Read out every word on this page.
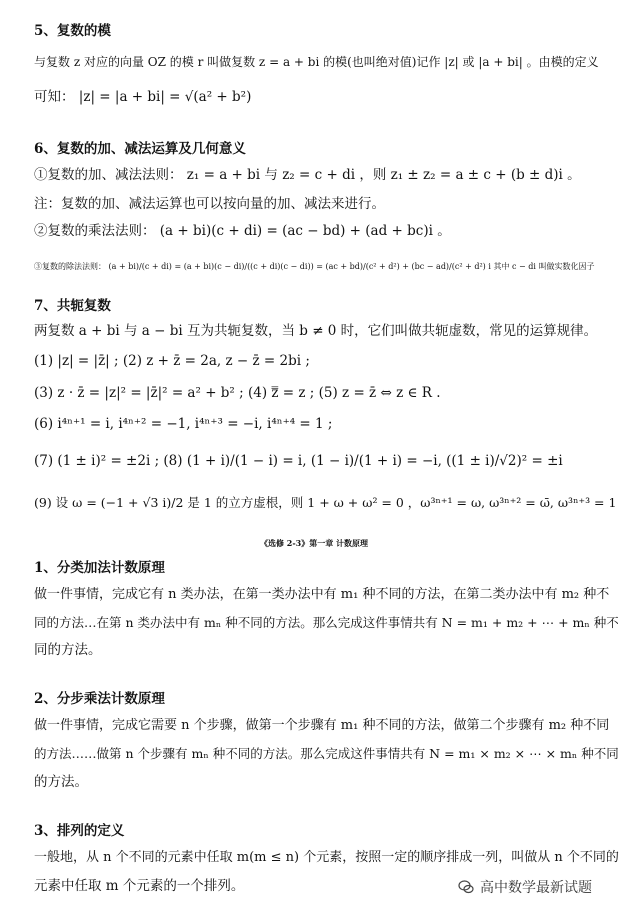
5、复数的模
与复数 z 对应的向量 OZ 的模 r 叫做复数 z = a + bi 的模(也叫绝对值)记作 |z| 或 |a + bi| 。由模的定义
可知： |z| = |a + bi| = √(a² + b²)
6、复数的加、减法运算及几何意义
①复数的加、减法法则： z₁ = a + bi 与 z₂ = c + di ，则 z₁ ± z₂ = a ± c + (b ± d)i 。
注：复数的加、减法运算也可以按向量的加、减法来进行。
②复数的乘法法则： (a + bi)(c + di) = (ac − bd) + (ad + bc)i 。
③复数的除法法则： (a + bi)/(c + di) = (a + bi)(c − di)/((c + di)(c − di)) = (ac + bd)/(c² + d²) + (bc − ad)/(c² + d²) i 其中 c − di 叫做实数化因子
7、共轭复数
两复数 a + bi 与 a − bi 互为共轭复数，当 b ≠ 0 时，它们叫做共轭虚数，常见的运算规律。
(1) |z| = |z̄| ; (2) z + z̄ = 2a, z − z̄ = 2bi ;
(3) z · z̄ = |z|² = |z̄|² = a² + b² ; (4) z̿ = z ; (5) z = z̄ ⇔ z ∈ R .
(6) i⁴ⁿ⁺¹ = i, i⁴ⁿ⁺² = −1, i⁴ⁿ⁺³ = −i, i⁴ⁿ⁺⁴ = 1 ;
(7) (1 ± i)² = ±2i ; (8) (1 + i)/(1 − i) = i, (1 − i)/(1 + i) = −i, ((1 ± i)/√2)² = ±i
(9) 设 ω = (−1 + √3 i)/2 是 1 的立方虚根，则 1 + ω + ω² = 0 ，ω³ⁿ⁺¹ = ω, ω³ⁿ⁺² = ω̄, ω³ⁿ⁺³ = 1
《选修 2-3》第一章 计数原理
1、分类加法计数原理
做一件事情，完成它有 n 类办法，在第一类办法中有 m₁ 种不同的方法，在第二类办法中有 m₂ 种不
同的方法…在第 n 类办法中有 mₙ 种不同的方法。那么完成这件事情共有 N = m₁ + m₂ + ⋯ + mₙ 种不
同的方法。
2、分步乘法计数原理
做一件事情，完成它需要 n 个步骤，做第一个步骤有 m₁ 种不同的方法，做第二个步骤有 m₂ 种不同
的方法……做第 n 个步骤有 mₙ 种不同的方法。那么完成这件事情共有 N = m₁ × m₂ × ⋯ × mₙ 种不同
的方法。
3、排列的定义
一般地，从 n 个不同的元素中任取 m(m ≤ n) 个元素，按照一定的顺序排成一列，叫做从 n 个不同的
元素中任取 m 个元素的一个排列。	高中数学最新试题
